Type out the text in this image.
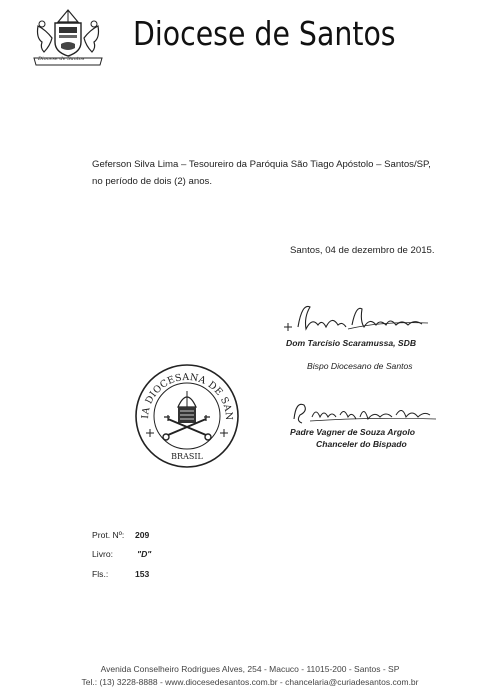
Diocese de Santos
Diocese de Santos
Geferson Silva Lima – Tesoureiro da Paróquia São Tiago Apóstolo – Santos/SP, no período de dois (2) anos.
Santos, 04 de dezembro de 2015.
Dom Tarcísio Scaramussa, SDB
Bispo Diocesano de Santos
IA DIOCESANA DE SAN
BRASIL
Padre Vagner de Souza Argolo
Chanceler do Bispado
Prot. Nº: 209
Livro:	"D"
Fls.:	153
Avenida Conselheiro Rodrigues Alves, 254 - Macuco - 11015-200 - Santos - SP
Tel.: (13) 3228-8888 - www.diocesedesantos.com.br - chancelaria@curiadesantos.com.br
